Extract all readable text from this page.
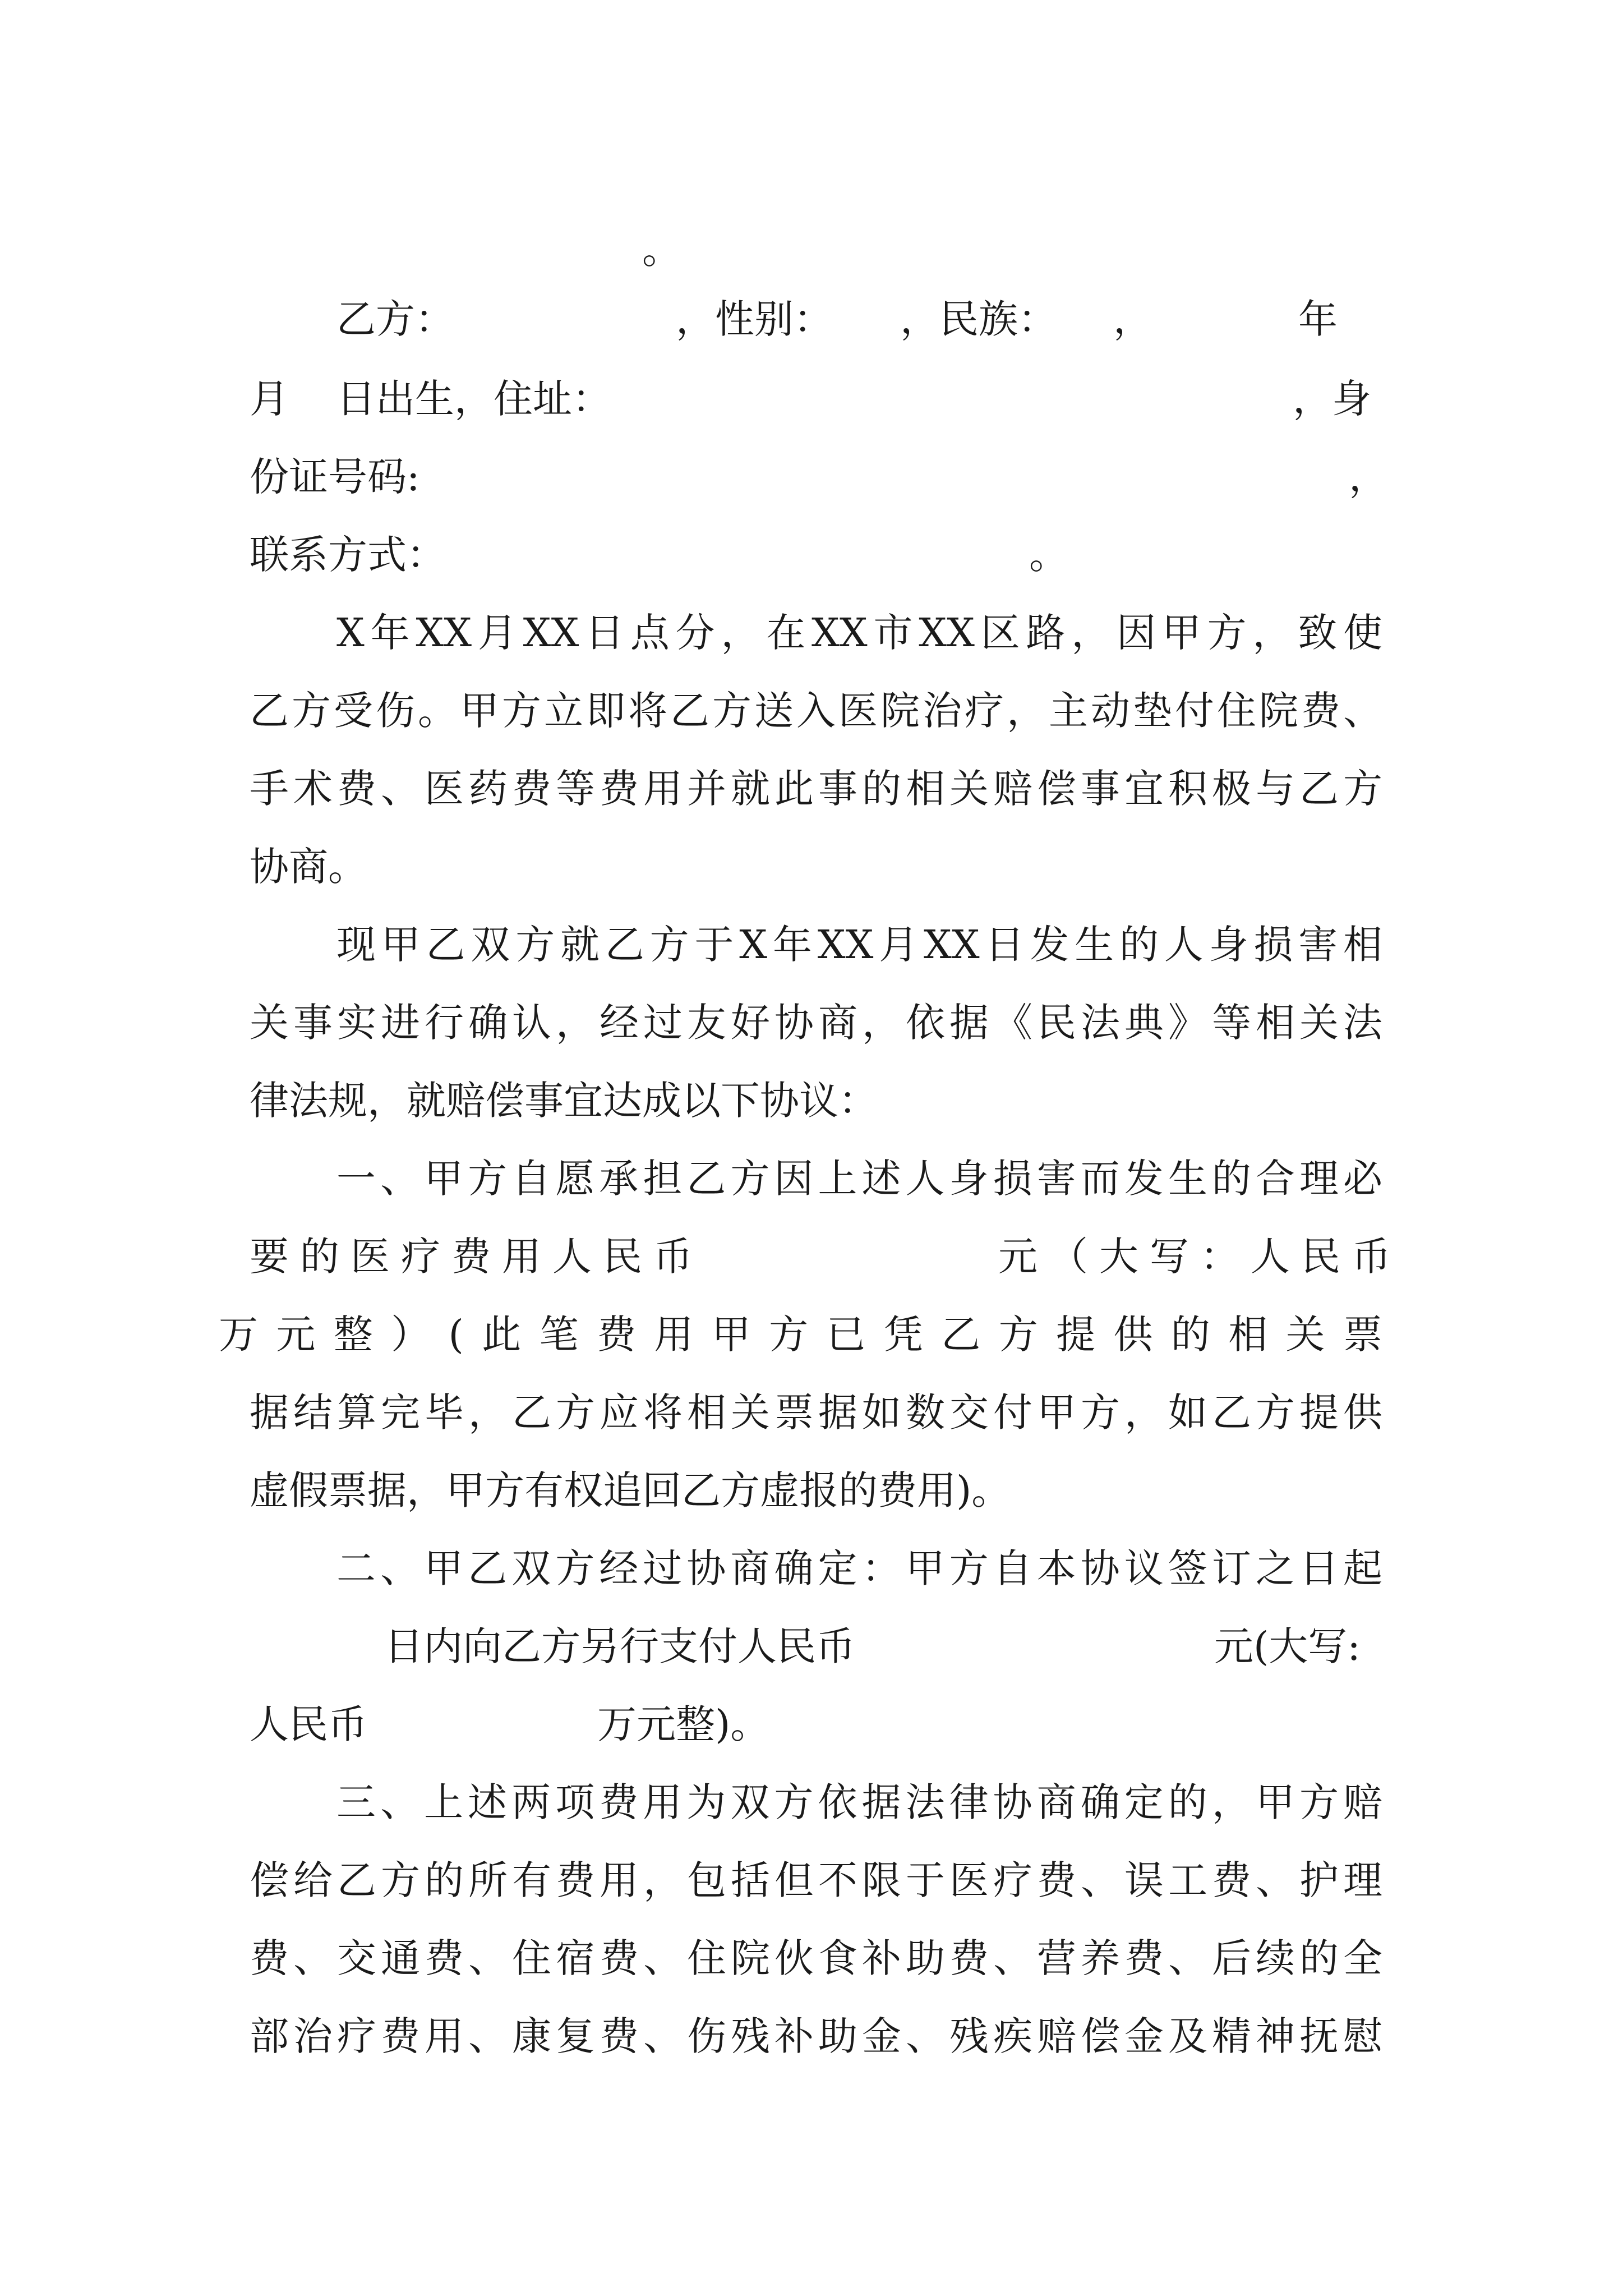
。
乙方：	，性别： ，民族： ，	年
月 日出生，住址：	，身
份证号码:	，
联系方式：	。
X年XX月XX日点分，在XX市XX区路，因甲方，致使
乙方受伤。甲方立即将乙方送入医院治疗，主动垫付住院费、
手术费、医药费等费用并就此事的相关赔偿事宜积极与乙方
协商。
现甲乙双方就乙方于X年XX月XX日发生的人身损害相
关事实进行确认，经过友好协商，依据《民法典》等相关法
律法规，就赔偿事宜达成以下协议：
一、甲方自愿承担乙方因上述人身损害而发生的合理必
要的医疗费用人民币	元（大写：人民币
万元整）(此笔费用甲方已凭乙方提供的相关票
据结算完毕，乙方应将相关票据如数交付甲方，如乙方提供
虚假票据，甲方有权追回乙方虚报的费用)。
二、甲乙双方经过协商确定：甲方自本协议签订之日起
日内向乙方另行支付人民币	元(大写:
人民币	万元整)。
三、上述两项费用为双方依据法律协商确定的，甲方赔
偿给乙方的所有费用，包括但不限于医疗费、误工费、护理
费、交通费、住宿费、住院伙食补助费、营养费、后续的全
部治疗费用、康复费、伤残补助金、残疾赔偿金及精神抚慰
